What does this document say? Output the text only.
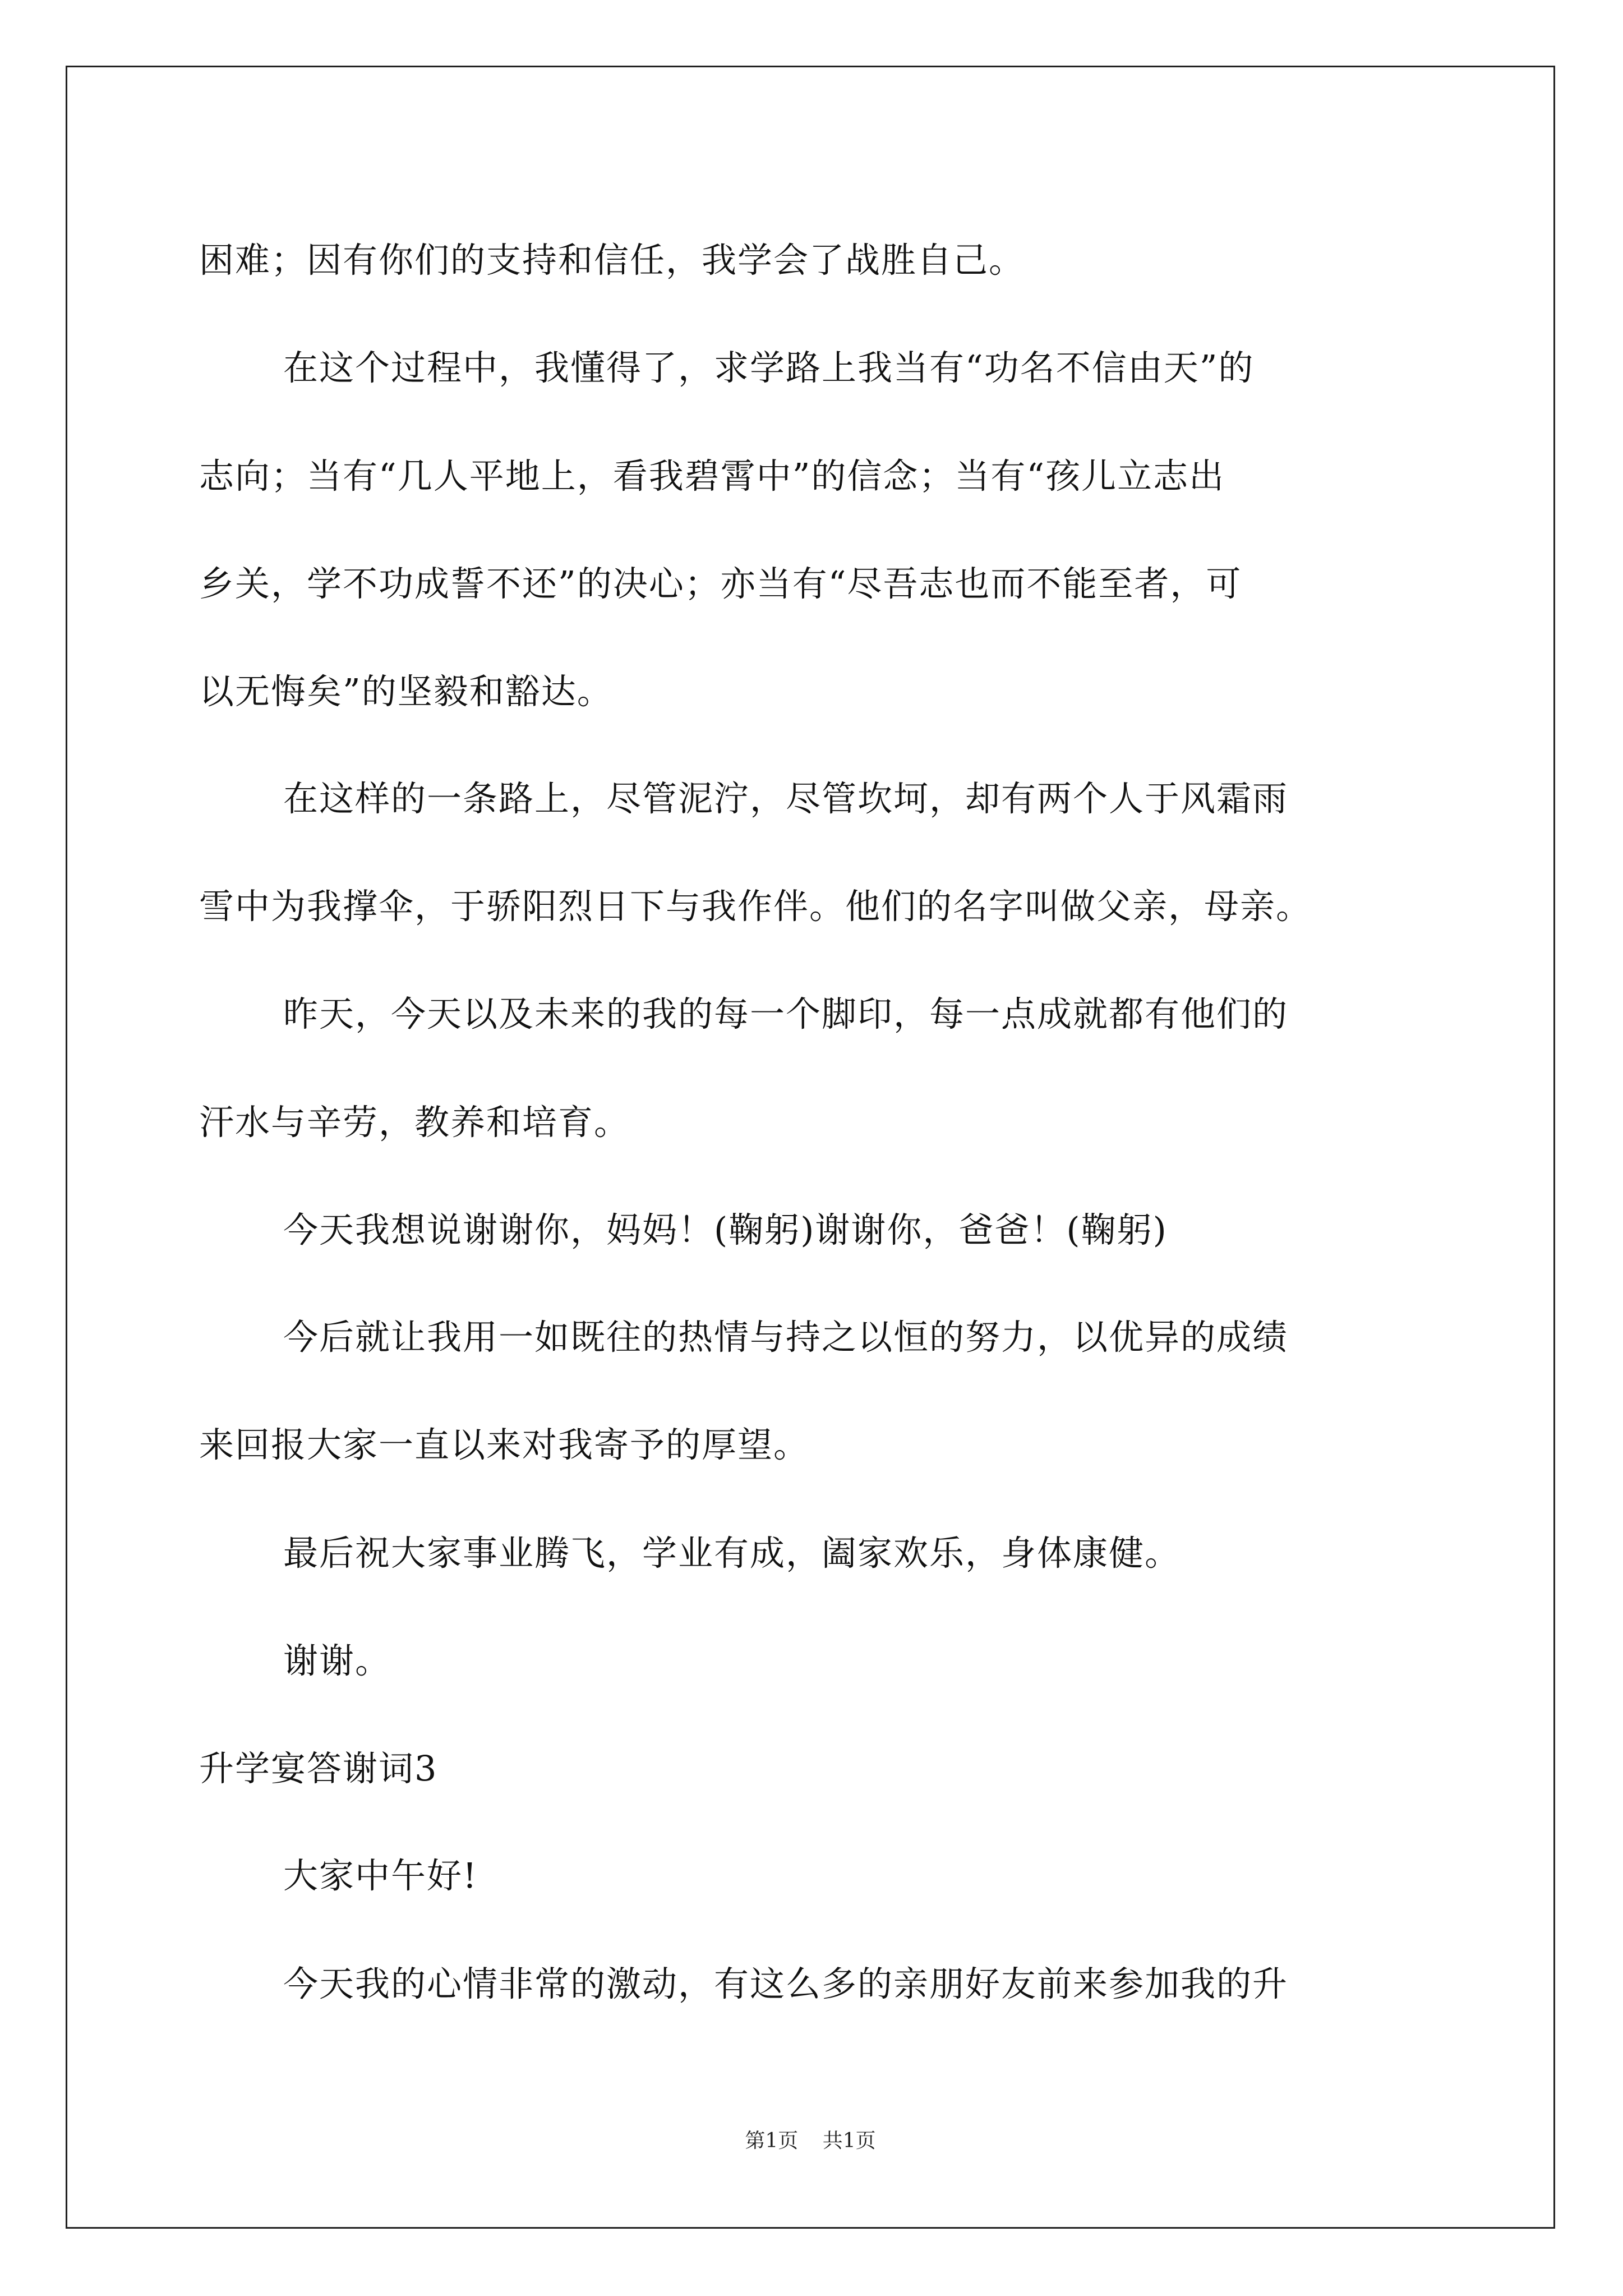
困难；因有你们的支持和信任，我学会了战胜自己。
在这个过程中，我懂得了，求学路上我当有“功名不信由天”的
志向；当有“几人平地上，看我碧霄中”的信念；当有“孩儿立志出
乡关，学不功成誓不还”的决心；亦当有“尽吾志也而不能至者，可
以无悔矣”的坚毅和豁达。
在这样的一条路上，尽管泥泞，尽管坎坷，却有两个人于风霜雨
雪中为我撑伞，于骄阳烈日下与我作伴。他们的名字叫做父亲，母亲。
昨天，今天以及未来的我的每一个脚印，每一点成就都有他们的
汗水与辛劳，教养和培育。
今天我想说谢谢你，妈妈！(鞠躬)谢谢你，爸爸！(鞠躬)
今后就让我用一如既往的热情与持之以恒的努力，以优异的成绩
来回报大家一直以来对我寄予的厚望。
最后祝大家事业腾飞，学业有成，阖家欢乐，身体康健。
谢谢。
升学宴答谢词3
大家中午好!
今天我的心情非常的激动，有这么多的亲朋好友前来参加我的升
第1页 共1页
